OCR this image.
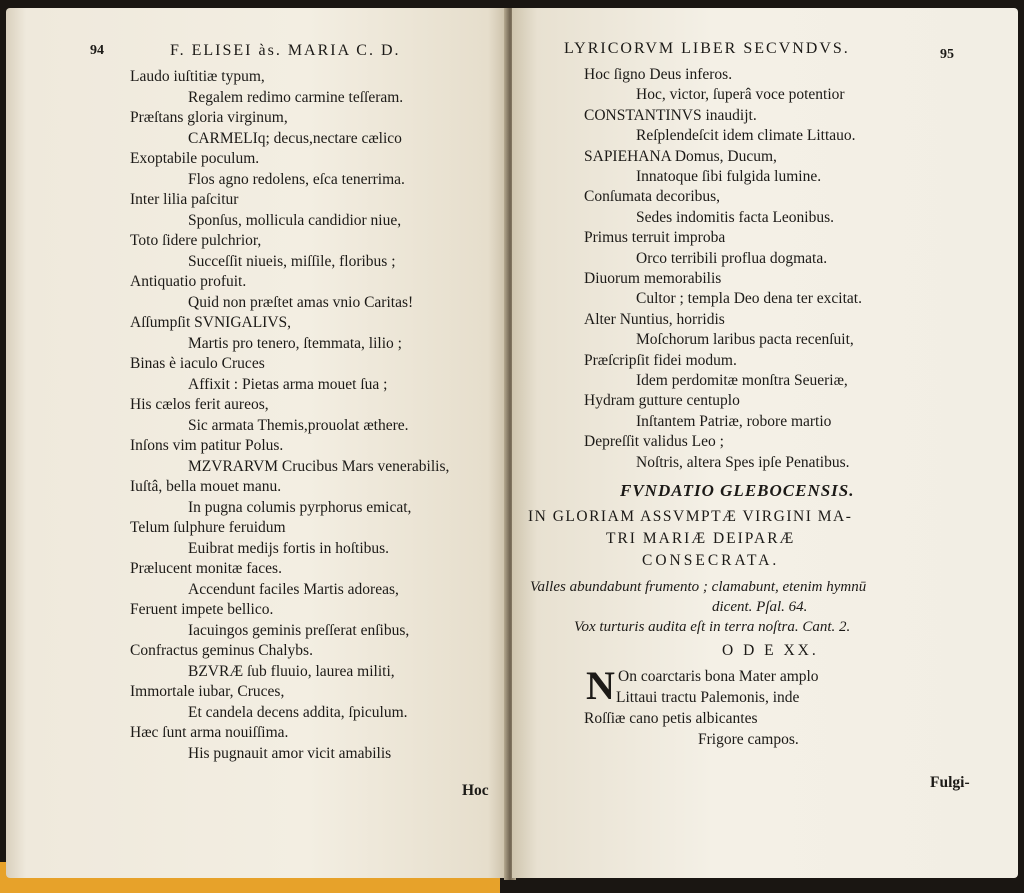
94	F. ELISEI às. MARIA C. D.
Laudo iuſtitiæ typum,
Regalem redimo carmine teſſeram.
Præſtans gloria virginum,
CARMELIq; decus,nectare cælico
Exoptabile poculum.
Flos agno redolens, eſca tenerrima.
Inter lilia paſcitur
Sponſus, mollicula candidior niue,
Toto ſidere pulchrior,
Succeſſit niueis, miſſile, floribus ;
Antiquatio profuit.
Quid non præſtet amas vnio Caritas!
Aſſumpſit SVNIGALIVS,
Martis pro tenero, ſtemmata, lilio ;
Binas è iaculo Cruces
Affixit : Pietas arma mouet ſua ;
His cælos ferit aureos,
Sic armata Themis,prouolat æthere.
Inſons vim patitur Polus.
MZVRARVM Crucibus Mars venerabilis,
Iuſtâ, bella mouet manu.
In pugna columis pyrphorus emicat,
Telum ſulphure feruidum
Euibrat medijs fortis in hoſtibus.
Prælucent monitæ faces.
Accendunt faciles Martis adoreas,
Feruent impete bellico.
Iacuingos geminis preſſerat enſibus,
Confractus geminus Chalybs.
BZVRÆ ſub fluuio, laurea militi,
Immortale iubar, Cruces,
Et candela decens addita, ſpiculum.
Hæc ſunt arma nouiſſima.
His pugnauit amor vicit amabilis
Hoc
LYRICORVM LIBER SECVNDVS.	95
Hoc ſigno Deus inferos.
Hoc, victor, ſuperâ voce potentior
CONSTANTINVS inaudijt.
Reſplendeſcit idem climate Littauo.
SAPIEHANA Domus, Ducum,
Innatoque ſibi fulgida lumine.
Conſumata decoribus,
Sedes indomitis facta Leonibus.
Primus terruit improba
Orco terribili proflua dogmata.
Diuorum memorabilis
Cultor ; templa Deo dena ter excitat.
Alter Nuntius, horridis
Moſchorum laribus pacta recenſuit,
Præſcripſit fidei modum.
Idem perdomitæ monſtra Seueriæ,
Hydram gutture centuplo
Inſtantem Patriæ, robore martio
Depreſſit validus Leo ;
Noſtris, altera Spes ipſe Penatibus.
FVNDATIO GLEBOCENSIS.
IN GLORIAM ASSVMPTÆ VIRGINI MA-
TRI MARIÆ DEIPARÆ
CONSECRATA.
Valles abundabunt frumento ; clamabunt, etenim hymnū
dicent. Pſal. 64.
Vox turturis audita eſt in terra noſtra. Cant. 2.
O D E XX.
N On coarctaris bona Mater amplo
Littaui tractu Palemonis, inde
Roſſiæ cano petis albicantes
Frigore campos.
Fulgi-
